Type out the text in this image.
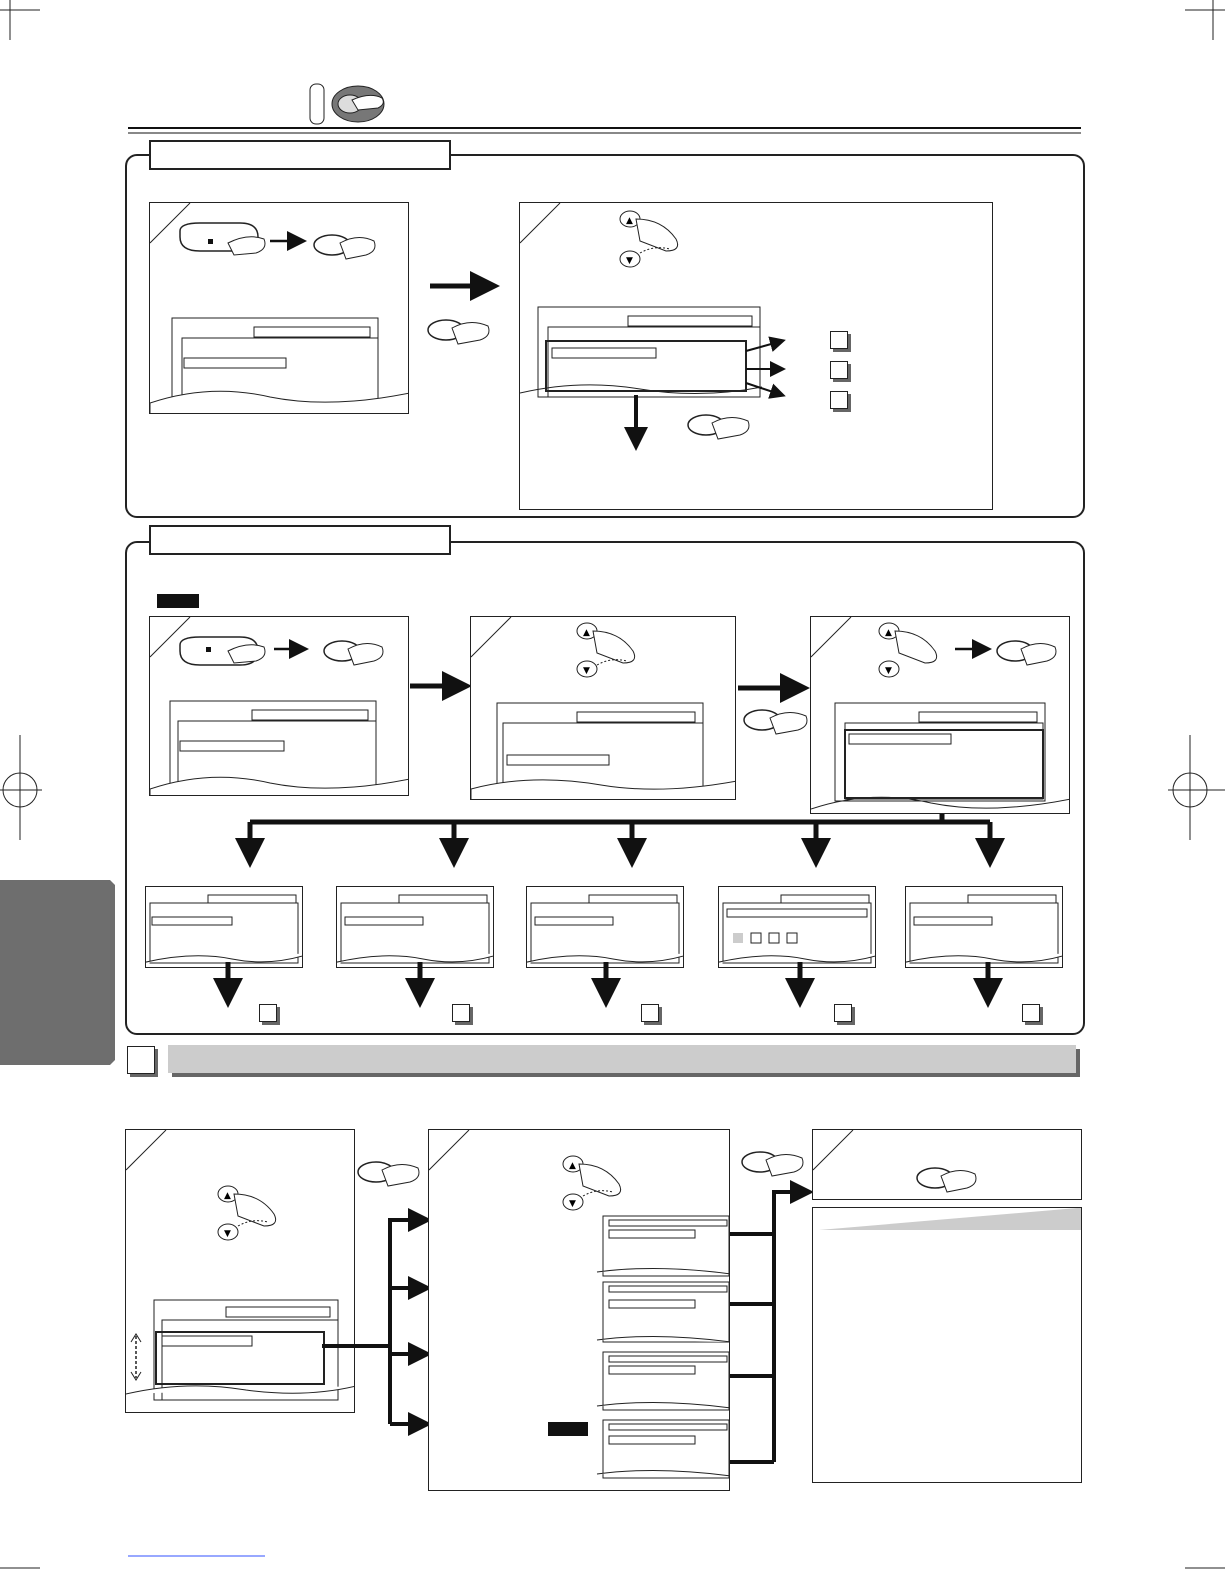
▲
▼
▲
▼
▲
▼
▲
▼
▲
▼
